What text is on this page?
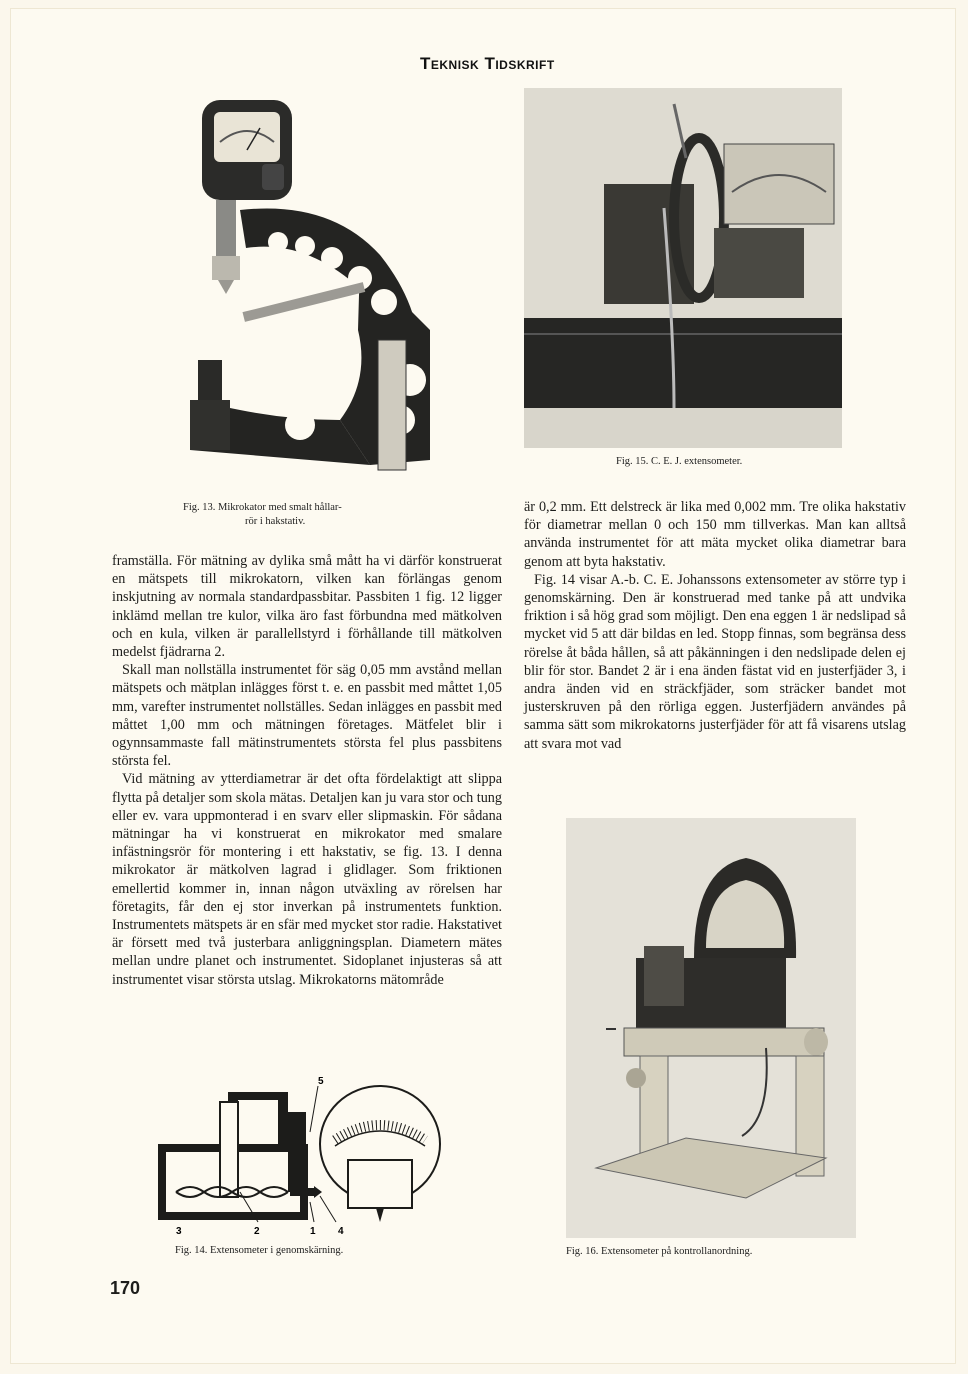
Teknisk Tidskrift
Fig. 13. Mikrokator med smalt hållar-
rör i hakstativ.
Fig. 15. C. E. J. extensometer.

framställa. För mätning av dylika små mått ha vi därför konstruerat en mätspets till mikrokatorn, vilken kan förlängas genom inskjutning av normala standardpassbitar. Passbiten 1 fig. 12 ligger inklämd mellan tre kulor, vilka äro fast förbundna med mätkolven och en kula, vilken är parallellstyrd i förhållande till mätkolven medelst fjädrarna 2.

Skall man nollställa instrumentet för säg 0,05 mm avstånd mellan mätspets och mätplan inlägges först t. e. en passbit med måttet 1,05 mm, varefter instrumentet nollställes. Sedan inlägges en passbit med måttet 1,00 mm och mätningen företages. Mätfelet blir i ogynnsammaste fall mätinstrumentets största fel plus passbitens största fel.

Vid mätning av ytterdiametrar är det ofta fördelaktigt att slippa flytta på detaljer som skola mätas. Detaljen kan ju vara stor och tung eller ev. vara uppmonterad i en svarv eller slipmaskin. För sådana mätningar ha vi konstruerat en mikrokator med smalare infästningsrör för montering i ett hakstativ, se fig. 13. I denna mikrokator är mätkolven lagrad i glidlager. Som friktionen emellertid kommer in, innan någon utväxling av rörelsen har företagits, får den ej stor inverkan på instrumentets funktion. Instrumentets mätspets är en sfär med mycket stor radie. Hakstativet är försett med två justerbara anliggningsplan. Diametern mätes mellan undre planet och instrumentet. Sidoplanet injusteras så att instrumentet visar största utslag. Mikrokatorns mätområde

är 0,2 mm. Ett delstreck är lika med 0,002 mm. Tre olika hakstativ för diametrar mellan 0 och 150 mm tillverkas. Man kan alltså använda instrumentet för att mäta mycket olika diametrar bara genom att byta hakstativ.

Fig. 14 visar A.-b. C. E. Johanssons extensometer av större typ i genomskärning. Den är konstruerad med tanke på att undvika friktion i så hög grad som möjligt. Den ena eggen 1 är nedslipad så mycket vid 5 att där bildas en led. Stopp finnas, som begränsa dess rörelse åt båda hållen, så att påkänningen i den nedslipade delen ej blir för stor. Bandet 2 är i ena änden fästat vid en justerfjäder 3, i andra änden vid en sträckfjäder, som sträcker bandet mot justerskruven på den rörliga eggen. Justerfjädern användes på samma sätt som mikrokatorns justerfjäder för att få visarens utslag att svara mot vad

5
3	2	1 4
Fig. 14. Extensometer i genomskärning.	Fig. 16. Extensometer på kontrollanordning.
170
